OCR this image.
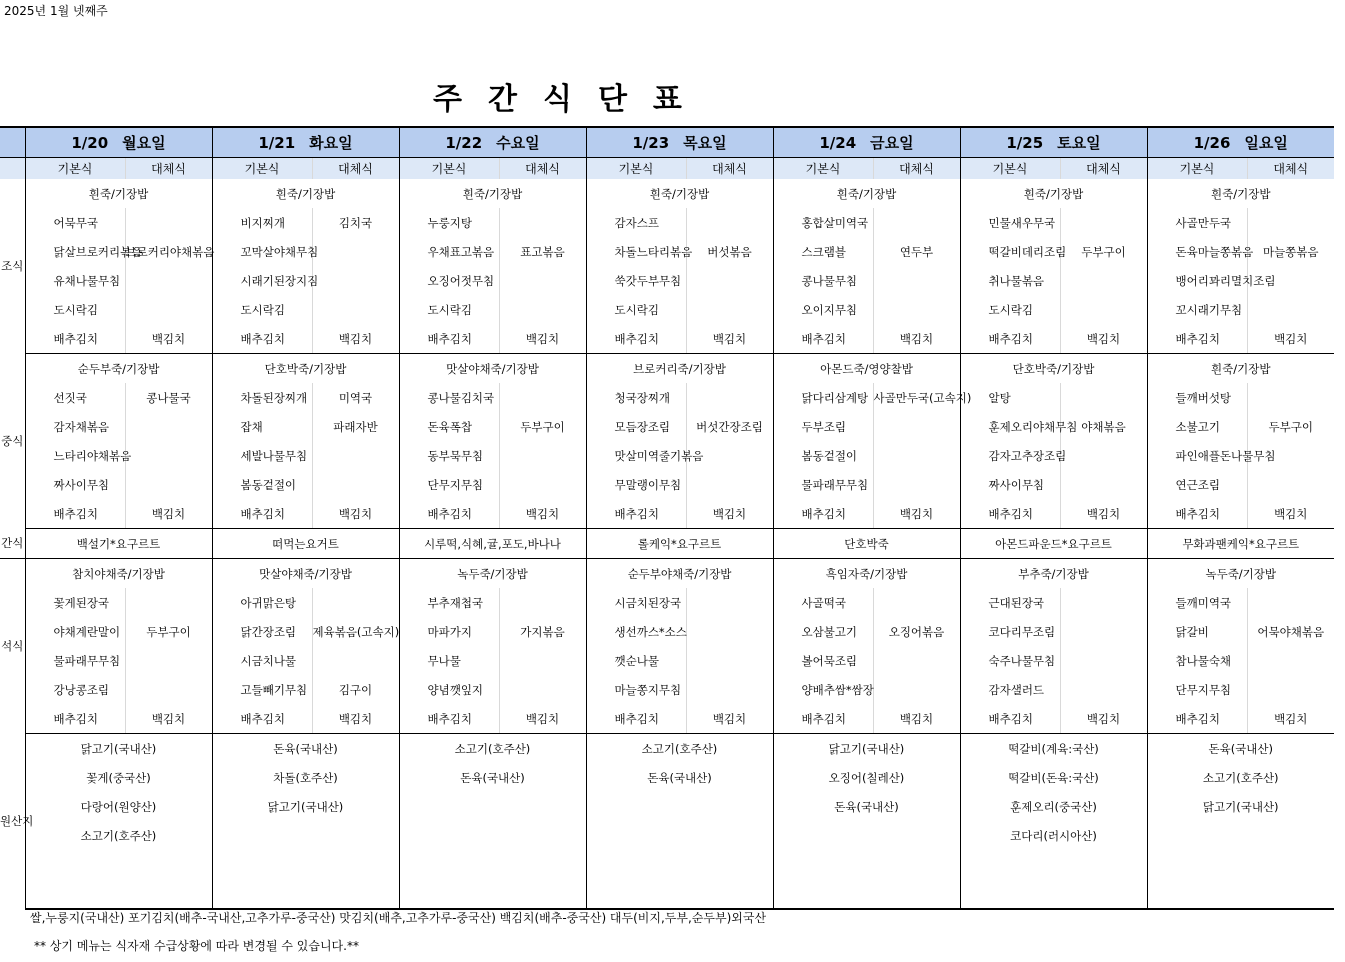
2025년 1월 넷째주
주간식단표
	1/20 월요일		1/21 화요일		1/22 수요일		1/23 목요일		1/24 금요일		1/25 토요일		1/26 일요일	
	기본식	대체식	기본식	대체식	기본식	대체식	기본식	대체식	기본식	대체식	기본식	대체식	기본식	대체식
조식	흰죽/기장밥		흰죽/기장밥		흰죽/기장밥		흰죽/기장밥		흰죽/기장밥		흰죽/기장밥		흰죽/기장밥	
	어묵무국		비지찌개	김치국	누룽지탕		감자스프		홍합살미역국		민물새우무국		사골만두국	
	닭살브로커리볶음	브로커리야채볶음	꼬막살야채무침		우채표고볶음	표고볶음	차돌느타리볶음	버섯볶음	스크램블	연두부	떡갈비데리조림	두부구이	돈육마늘쫑볶음	마늘쫑볶음
	유채나물무침		시래기된장지짐		오징어젓무침		쑥갓두부무침		콩나물무침		취나물볶음		뱅어리꽈리멸치조림	
	도시락김		도시락김		도시락김		도시락김		오이지무침		도시락김		꼬시래기무침	
	배추김치	백김치	배추김치	백김치	배추김치	백김치	배추김치	백김치	배추김치	백김치	배추김치	백김치	배추김치	백김치
중식	순두부죽/기장밥		단호박죽/기장밥		맛살야채죽/기장밥		브로커리죽/기장밥		아몬드죽/영양찰밥		단호박죽/기장밥		흰죽/기장밥	
	선짓국	콩나물국	차돌된장찌개	미역국	콩나물김치국		청국장찌개		닭다리삼계탕	사골만두국(고속지)	알탕		들깨버섯탕	
	감자채볶음		잡채	파래자반	돈육폭찹	두부구이	모듬장조림	버섯간장조림	두부조림		훈제오리야채무침	야채볶음	소불고기	두부구이
	느타리야채볶음		세발나물무침		동부묵무침		맛살미역줄기볶음		봄동겉절이		감자고추장조림		파인애플돈나물무침	
	짜사이무침		봄동겉절이		단무지무침		무말랭이무침		물파래무무침		짜사이무침		연근조림	
	배추김치	백김치	배추김치	백김치	배추김치	백김치	배추김치	백김치	배추김치	백김치	배추김치	백김치	배추김치	백김치
간식	백설기*요구르트		떠먹는요거트		시루떡,식혜,귤,포도,바나나		롤케익*요구르트		단호박죽		아몬드파운드*요구르트		무화과팬케익*요구르트	
석식	참치야채죽/기장밥		맛살야채죽/기장밥		녹두죽/기장밥		순두부야채죽/기장밥		흑임자죽/기장밥		부추죽/기장밥		녹두죽/기장밥	
	꽃게된장국		아귀맑은탕		부추재첩국		시금치된장국		사골떡국		근대된장국		들깨미역국	
	야채계란말이	두부구이	닭간장조림	제육볶음(고속지)	마파가지	가지볶음	생선까스*소스		오삼불고기	오징어볶음	코다리무조림		닭갈비	어묵야채볶음
	물파래무무침		시금치나물		무나물		깻순나물		볼어묵조림		숙주나물무침		참나물숙채	
	강낭콩조림		고들빼기무침	김구이	양념깻잎지		마늘쫑지무침		양배추쌈*쌈장		감자샐러드		단무지무침	
	배추김치	백김치	배추김치	백김치	배추김치	백김치	배추김치	백김치	배추김치	백김치	배추김치	백김치	배추김치	백김치
원산지	닭고기(국내산)		돈육(국내산)		소고기(호주산)		소고기(호주산)		닭고기(국내산)		떡갈비(계육:국산)		돈육(국내산)	
	꽃게(중국산)		차돌(호주산)		돈육(국내산)		돈육(국내산)		오징어(칠레산)		떡갈비(돈육:국산)		소고기(호주산)	
	다랑어(원양산)		닭고기(국내산)						돈육(국내산)		훈제오리(중국산)		닭고기(국내산)	
	소고기(호주산)										코다리(러시아산)			

쌀,누룽지(국내산) 포기김치(배추-국내산,고추가루-중국산) 맛김치(배추,고추가루-중국산) 백김치(배추-중국산) 대두(비지,두부,순두부)외국산
** 상기 메뉴는 식자재 수급상황에 따라 변경될 수 있습니다.**
